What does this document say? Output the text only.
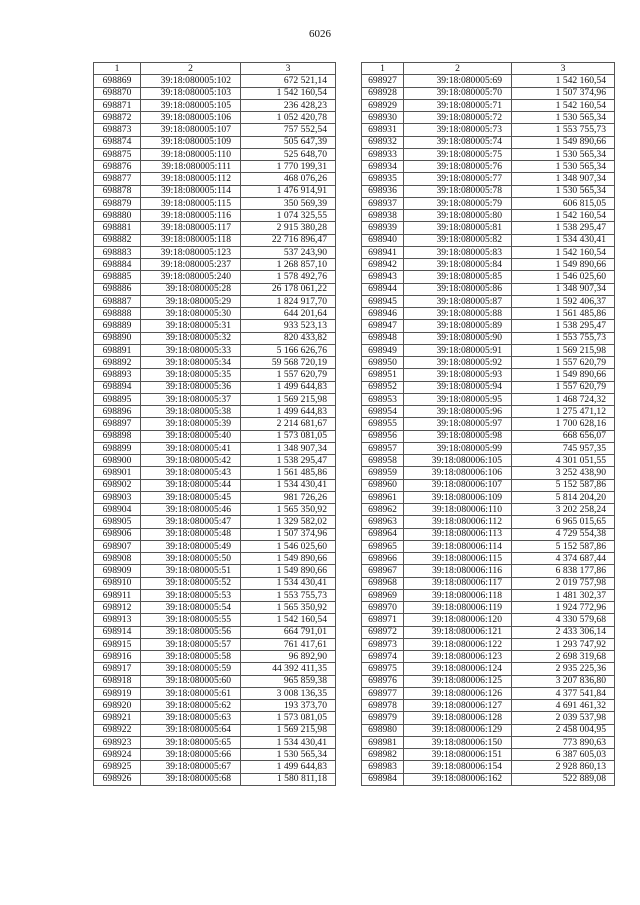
6026
1	2	3
698869	39:18:080005:102	672 521,14
698870	39:18:080005:103	1 542 160,54
698871	39:18:080005:105	236 428,23
698872	39:18:080005:106	1 052 420,78
698873	39:18:080005:107	757 552,54
698874	39:18:080005:109	505 647,39
698875	39:18:080005:110	525 648,70
698876	39:18:080005:111	1 770 199,31
698877	39:18:080005:112	468 076,26
698878	39:18:080005:114	1 476 914,91
698879	39:18:080005:115	350 569,39
698880	39:18:080005:116	1 074 325,55
698881	39:18:080005:117	2 915 380,28
698882	39:18:080005:118	22 716 896,47
698883	39:18:080005:123	537 243,90
698884	39:18:080005:237	1 268 857,10
698885	39:18:080005:240	1 578 492,76
698886	39:18:080005:28	26 178 061,22
698887	39:18:080005:29	1 824 917,70
698888	39:18:080005:30	644 201,64
698889	39:18:080005:31	933 523,13
698890	39:18:080005:32	820 433,82
698891	39:18:080005:33	5 166 626,76
698892	39:18:080005:34	59 568 720,19
698893	39:18:080005:35	1 557 620,79
698894	39:18:080005:36	1 499 644,83
698895	39:18:080005:37	1 569 215,98
698896	39:18:080005:38	1 499 644,83
698897	39:18:080005:39	2 214 681,67
698898	39:18:080005:40	1 573 081,05
698899	39:18:080005:41	1 348 907,34
698900	39:18:080005:42	1 538 295,47
698901	39:18:080005:43	1 561 485,86
698902	39:18:080005:44	1 534 430,41
698903	39:18:080005:45	981 726,26
698904	39:18:080005:46	1 565 350,92
698905	39:18:080005:47	1 329 582,02
698906	39:18:080005:48	1 507 374,96
698907	39:18:080005:49	1 546 025,60
698908	39:18:080005:50	1 549 890,66
698909	39:18:080005:51	1 549 890,66
698910	39:18:080005:52	1 534 430,41
698911	39:18:080005:53	1 553 755,73
698912	39:18:080005:54	1 565 350,92
698913	39:18:080005:55	1 542 160,54
698914	39:18:080005:56	664 791,01
698915	39:18:080005:57	761 417,61
698916	39:18:080005:58	96 892,90
698917	39:18:080005:59	44 392 411,35
698918	39:18:080005:60	965 859,38
698919	39:18:080005:61	3 008 136,35
698920	39:18:080005:62	193 373,70
698921	39:18:080005:63	1 573 081,05
698922	39:18:080005:64	1 569 215,98
698923	39:18:080005:65	1 534 430,41
698924	39:18:080005:66	1 530 565,34
698925	39:18:080005:67	1 499 644,83
698926	39:18:080005:68	1 580 811,18
1	2	3
698927	39:18:080005:69	1 542 160,54
698928	39:18:080005:70	1 507 374,96
698929	39:18:080005:71	1 542 160,54
698930	39:18:080005:72	1 530 565,34
698931	39:18:080005:73	1 553 755,73
698932	39:18:080005:74	1 549 890,66
698933	39:18:080005:75	1 530 565,34
698934	39:18:080005:76	1 530 565,34
698935	39:18:080005:77	1 348 907,34
698936	39:18:080005:78	1 530 565,34
698937	39:18:080005:79	606 815,05
698938	39:18:080005:80	1 542 160,54
698939	39:18:080005:81	1 538 295,47
698940	39:18:080005:82	1 534 430,41
698941	39:18:080005:83	1 542 160,54
698942	39:18:080005:84	1 549 890,66
698943	39:18:080005:85	1 546 025,60
698944	39:18:080005:86	1 348 907,34
698945	39:18:080005:87	1 592 406,37
698946	39:18:080005:88	1 561 485,86
698947	39:18:080005:89	1 538 295,47
698948	39:18:080005:90	1 553 755,73
698949	39:18:080005:91	1 569 215,98
698950	39:18:080005:92	1 557 620,79
698951	39:18:080005:93	1 549 890,66
698952	39:18:080005:94	1 557 620,79
698953	39:18:080005:95	1 468 724,32
698954	39:18:080005:96	1 275 471,12
698955	39:18:080005:97	1 700 628,16
698956	39:18:080005:98	668 656,07
698957	39:18:080005:99	745 957,35
698958	39:18:080006:105	4 301 051,55
698959	39:18:080006:106	3 252 438,90
698960	39:18:080006:107	5 152 587,86
698961	39:18:080006:109	5 814 204,20
698962	39:18:080006:110	3 202 258,24
698963	39:18:080006:112	6 965 015,65
698964	39:18:080006:113	4 729 554,38
698965	39:18:080006:114	5 152 587,86
698966	39:18:080006:115	4 374 687,44
698967	39:18:080006:116	6 838 177,86
698968	39:18:080006:117	2 019 757,98
698969	39:18:080006:118	1 481 302,37
698970	39:18:080006:119	1 924 772,96
698971	39:18:080006:120	4 330 579,68
698972	39:18:080006:121	2 433 306,14
698973	39:18:080006:122	1 293 747,92
698974	39:18:080006:123	2 698 319,68
698975	39:18:080006:124	2 935 225,36
698976	39:18:080006:125	3 207 836,80
698977	39:18:080006:126	4 377 541,84
698978	39:18:080006:127	4 691 461,32
698979	39:18:080006:128	2 039 537,98
698980	39:18:080006:129	2 458 004,95
698981	39:18:080006:150	773 890,63
698982	39:18:080006:151	6 387 605,03
698983	39:18:080006:154	2 928 860,13
698984	39:18:080006:162	522 889,08
